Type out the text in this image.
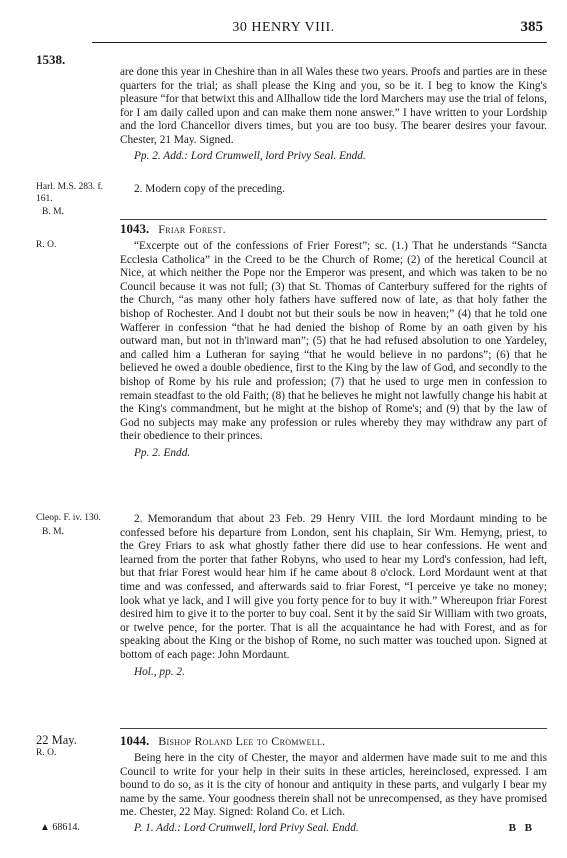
30 HENRY VIII.	385
1538.

are done this year in Cheshire than in all Wales these two years. Proofs and parties are in these quarters for the trial; as shall please the King and you, so be it. I beg to know the King's pleasure “for that betwixt this and Allhallow tide the lord Marchers may use the trial of felons, for I am daily called upon and can make them none answer.” I have written to your Lordship and the lord Chancellor divers times, but you are too busy. The bearer desires your favour. Chester, 21 May. Signed.

Pp. 2. Add.: Lord Crumwell, lord Privy Seal. Endd.

Harl. M.S. 283. f. 161.
B. M.

2. Modern copy of the preceding.

1043. Friar Forest.
R. O.	“Excerpte out of the confessions of Frier Forest”; sc. (1.) That he understands “Sancta Ecclesia Catholica” in the Creed to be the Church of Rome; (2) of the heretical Council at Nice, at which neither the Pope nor the Emperor was present, and which was taken to be no Council because it was not full; (3) that St. Thomas of Canterbury suffered for the rights of the Church, “as many other holy fathers have suffered now of late, as that holy father the bishop of Rochester. And I doubt not but their souls be now in heaven;” (4) that he told one Wafferer in confession “that he had denied the bishop of Rome by an oath given by his outward man, but not in th'inward man”; (5) that he had refused absolution to one Yardeley, and called him a Lutheran for saying “that he would believe in no pardons”; (6) that he believed he owed a double obedience, first to the King by the law of God, and secondly to the bishop of Rome by his rule and profession; (7) that he used to urge men in confession to remain steadfast to the old Faith; (8) that he believes he might not lawfully change his habit at the King's commandment, but he might at the bishop of Rome's; and (9) that by the law of God no subjects may make any profession or rules whereby they may withdraw any part of their obedience to their princes.

Pp. 2. Endd.

Cleop. F. iv. 130.
B. M.

2. Memorandum that about 23 Feb. 29 Henry VIII. the lord Mordaunt minding to be confessed before his departure from London, sent his chaplain, Sir Wm. Hemyng, priest, to the Grey Friars to ask what ghostly father there did use to hear confessions. He went and learned from the porter that father Robyns, who used to hear my Lord's confession, had left, but that friar Forest would hear him if he came about 8 o'clock. Lord Mordaunt went at that time and was confessed, and afterwards said to friar Forest, “I perceive ye take no money; look what ye lack, and I will give you forty pence for to buy it with.” Whereupon friar Forest desired him to give it to the porter to buy coal. Sent it by the said Sir William with two groats, or twelve pence, for the porter. That is all the acquaintance he had with Forest, and as for speaking about the King or the bishop of Rome, no such matter was touched upon. Signed at bottom of each page: John Mordaunt.

Hol., pp. 2.

22 May.
R. O.
1044. Bishop Roland Lee to Cromwell.

Being here in the city of Chester, the mayor and aldermen have made suit to me and this Council to write for your help in their suits in these articles, hereinclosed, expressed. I am bound to do so, as it is the city of honour and antiquity in these parts, and vulgarly I bear my name by the same. Your goodness therein shall not be unrecompensed, as they have promised me. Chester, 22 May. Signed: Roland Co. et Lich.

P. 1. Add.: Lord Crumwell, lord Privy Seal. Endd.

▲ 68614.	B B
